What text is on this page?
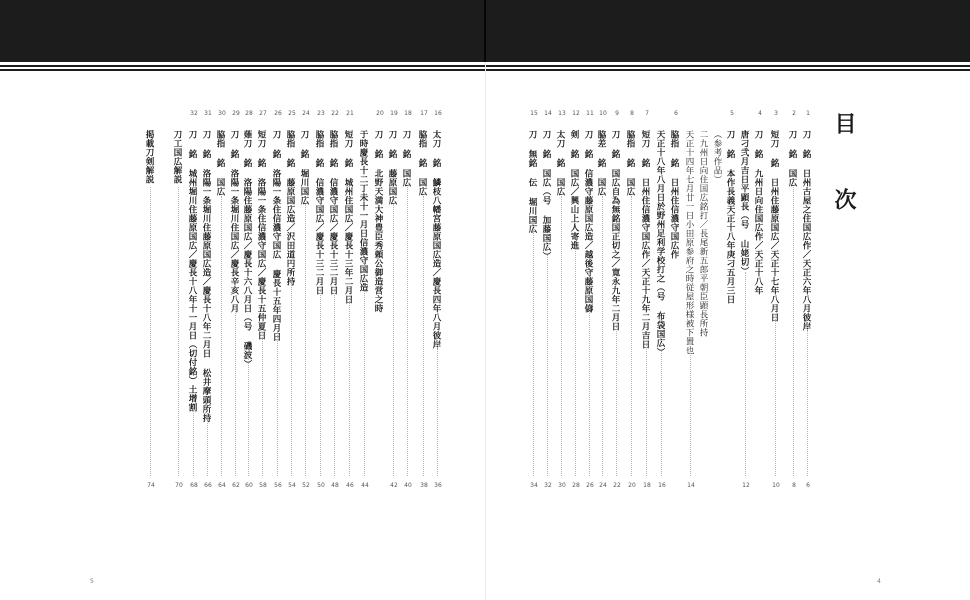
目 次
1
刀 銘 日州古屋之住国広作／天正六年八月彼岸
6
2
刀 銘 国広
8
3
短刀 銘 日州住藤原国広／天正十七年八月日
10
4
刀 銘 九州日向住国広作／天正十八年
唐刁弐月吉日平顕長（号 山姥切）
12
5
刀 銘 本作長義天正十八年庚刁五月三日
（参考作品）
二九州日向住国広銘打／長尾新五郎平朝臣顕長所持
天正十四年七月廿一日小田原参府之時従屋形様被下置也
14
6
脇指 銘 日州住信濃守国広作
天正十八年八月日於野州足利学校打之（号 布袋国広）
16
7
短刀 銘 日州住信濃守国広作／天正十九年二月吉日
18
8
脇指 銘 国広
20
9
刀 銘 国広自為無銘国正切之／寛永九年二月日
22
10
脇差 銘 国広
24
11
刀 銘 信濃守藤原国広造／越後守藤原国儔
26
12
剣 銘 国広／興山上人寄進
28
13
太刀 銘 国広
30
14
刀 銘 国広（号 加藤国広）
32
15
刀 無銘 伝 堀川国広
34
16
太刀 銘 鱗枝八幡宮藤原国広造／慶長四年八月彼岸
36
17
脇指 銘 国広
38
18
刀 銘 国広
40
19
刀 銘 藤原国広
42
20
刀 銘 北野天満大神豊臣秀頼公御造営之時
于時慶長十二丁未十一月日信濃守国広造
44
21
短刀 銘 城州住国広／慶長十三年二月日
46
22
脇指 銘 信濃守国広／慶長十三二月日
48
23
脇指 銘 信濃守国広／慶長十三二月日
50
24
刀 銘 堀川国広
52
25
脇指 銘 藤原国広造／沢田道円所持
54
26
刀 銘 洛陽一条住信濃守国広 慶長十五年四月日
56
27
短刀 銘 洛陽一条住信濃守国広／慶長十五仲夏日
58
28
薙刀 銘 洛陽住藤原国広／慶長十六八月日（号 磯波）
60
29
刀 銘 洛陽一条堀川住国広／慶長辛亥八月
62
30
脇指 銘 国広
64
31
刀 銘 洛陽一条堀川住藤原国広造／慶長十八年二月日 松井摩頭所持
66
32
刀 銘 城州堀川住藤原国広／慶長十八年十一月日（切付銘）土增割
68
刀工国広解説
70
掲載刀剣解説
74
5	4
